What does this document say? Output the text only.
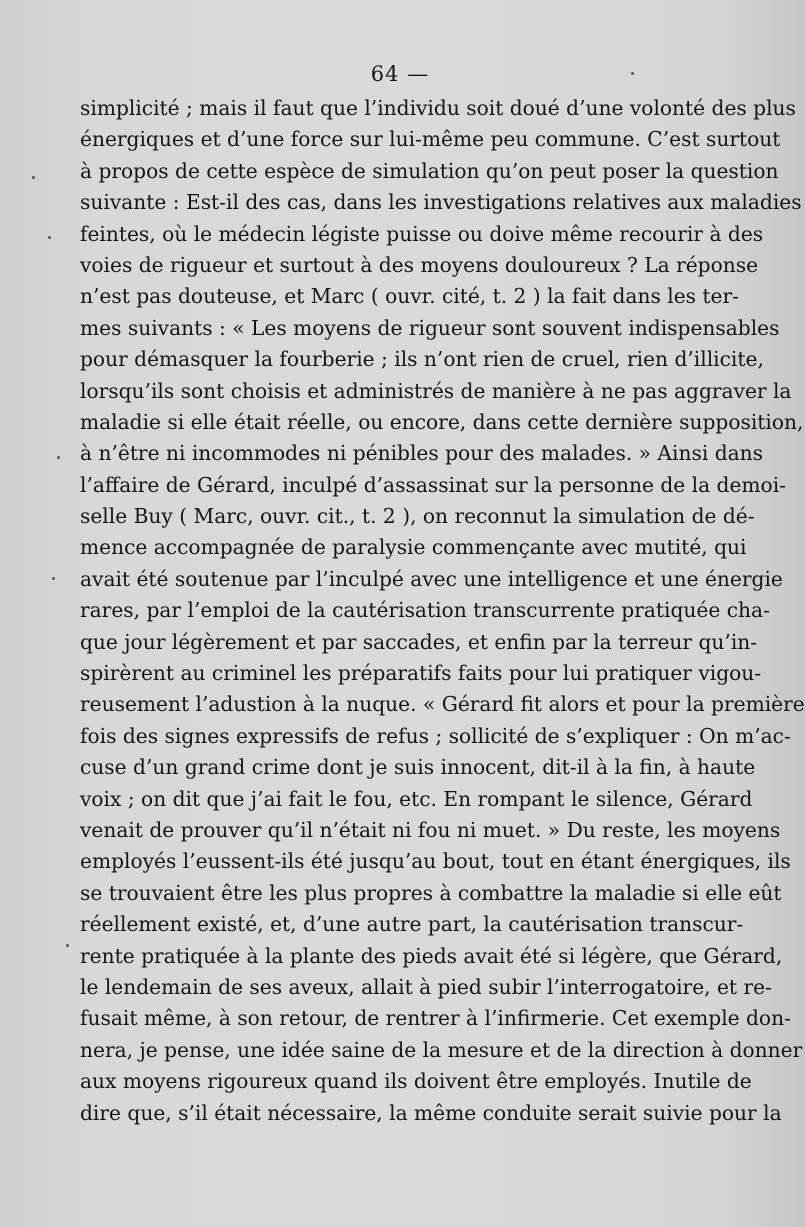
64 —
simplicité ; mais il faut que l’individu soit doué d’une volonté des plus
énergiques et d’une force sur lui-même peu commune. C’est surtout
à propos de cette espèce de simulation qu’on peut poser la question
suivante : Est-il des cas, dans les investigations relatives aux maladies
feintes, où le médecin légiste puisse ou doive même recourir à des
voies de rigueur et surtout à des moyens douloureux ? La réponse
n’est pas douteuse, et Marc ( ouvr. cité, t. 2 ) la fait dans les ter-
mes suivants : « Les moyens de rigueur sont souvent indispensables
pour démasquer la fourberie ; ils n’ont rien de cruel, rien d’illicite,
lorsqu’ils sont choisis et administrés de manière à ne pas aggraver la
maladie si elle était réelle, ou encore, dans cette dernière supposition,
à n’être ni incommodes ni pénibles pour des malades. » Ainsi dans
l’affaire de Gérard, inculpé d’assassinat sur la personne de la demoi-
selle Buy ( Marc, ouvr. cit., t. 2 ), on reconnut la simulation de dé-
mence accompagnée de paralysie commençante avec mutité, qui
avait été soutenue par l’inculpé avec une intelligence et une énergie
rares, par l’emploi de la cautérisation transcurrente pratiquée cha-
que jour légèrement et par saccades, et enfin par la terreur qu’in-
spirèrent au criminel les préparatifs faits pour lui pratiquer vigou-
reusement l’adustion à la nuque. « Gérard fit alors et pour la première
fois des signes expressifs de refus ; sollicité de s’expliquer : On m’ac-
cuse d’un grand crime dont je suis innocent, dit-il à la fin, à haute
voix ; on dit que j’ai fait le fou, etc. En rompant le silence, Gérard
venait de prouver qu’il n’était ni fou ni muet. » Du reste, les moyens
employés l’eussent-ils été jusqu’au bout, tout en étant énergiques, ils
se trouvaient être les plus propres à combattre la maladie si elle eût
réellement existé, et, d’une autre part, la cautérisation transcur-
rente pratiquée à la plante des pieds avait été si légère, que Gérard,
le lendemain de ses aveux, allait à pied subir l’interrogatoire, et re-
fusait même, à son retour, de rentrer à l’infirmerie. Cet exemple don-
nera, je pense, une idée saine de la mesure et de la direction à donner
aux moyens rigoureux quand ils doivent être employés. Inutile de
dire que, s’il était nécessaire, la même conduite serait suivie pour la
